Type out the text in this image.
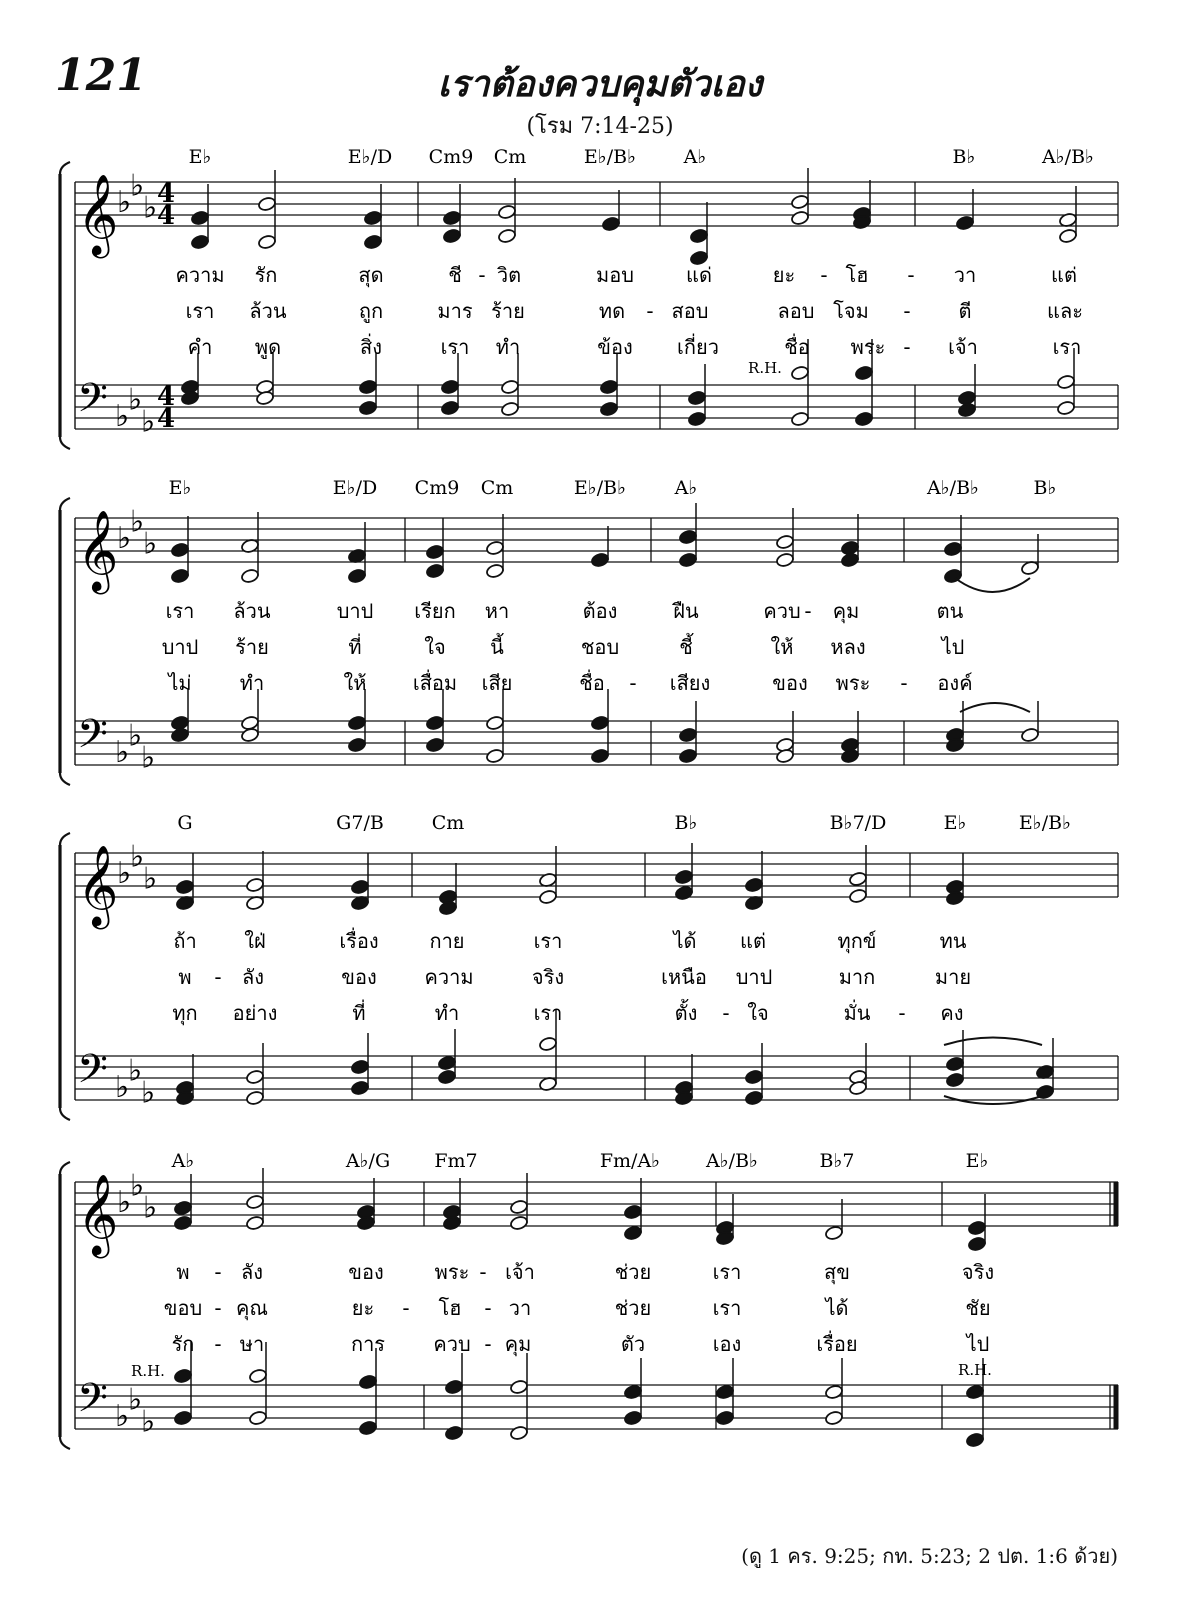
121	เราต้องควบคุมตัวเอง
(โรม 7:14-25)
𝄞
♭
♭
♭ 4
4
𝄢 ♭
♭
♭
4
4
R.H.
E♭	E♭/D Cm9 Cm	E♭/B♭	A♭	B♭	A♭/B♭
ความ รัก	สุด	ชี - วิต	มอบ	แด่	ยะ - โฮ - วา	แต่
เรา ล้วน	ถูก	มาร ร้าย	ทด - สอบ	ลอบ โจม - ตี	และ
คำ พูด	สิ่ง	เรา ทำ	ข้อง เกี่ยว	ชื่อ พระ - เจ้า	เรา
𝄞
♭
♭
♭
𝄢 ♭
♭
♭
E♭	E♭/D Cm9 Cm	E♭/B♭	A♭	A♭/B♭	B♭
เรา ล้วน	บาป เรียก หา	ต้อง	ฝืน	ควบ - คุม	ตน
บาป ร้าย	ที่	ใจ นี้	ชอบ	ชี้	ให้ หลง	ไป
ไม่ ทำ	ให้ เสื่อม เสีย	ชื่อ - เสียง	ของ พระ - องค์
𝄞
♭
♭
♭
𝄢 ♭
♭
♭
G	G7/B	Cm	B♭	B♭7/D	E♭	E♭/B♭
ถ้า ใฝ่	เรื่อง	กาย	เรา	ได้ แต่	ทุกข์	ทน
พ - ลัง	ของ ความ	จริง	เหนือ บาป	มาก	มาย
ทุก อย่าง	ที่	ทำ	เรา	ตั้ง - ใจ	มั่น - คง
𝄞
♭
♭
♭
𝄢 ♭
♭
♭
R.H.	R.H.
A♭	A♭/G Fm7	Fm/A♭ A♭/B♭	B♭7	E♭
พ - ลัง	ของ	พระ - เจ้า	ช่วย	เรา	สุข	จริง
ขอบ - คุณ	ยะ - โฮ - วา	ช่วย	เรา	ได้	ชัย
รัก - ษา	การ ควบ - คุม	ตัว	เอง	เรื่อย	ไป
(ดู 1 คร. 9:25; กท. 5:23; 2 ปต. 1:6 ด้วย)
